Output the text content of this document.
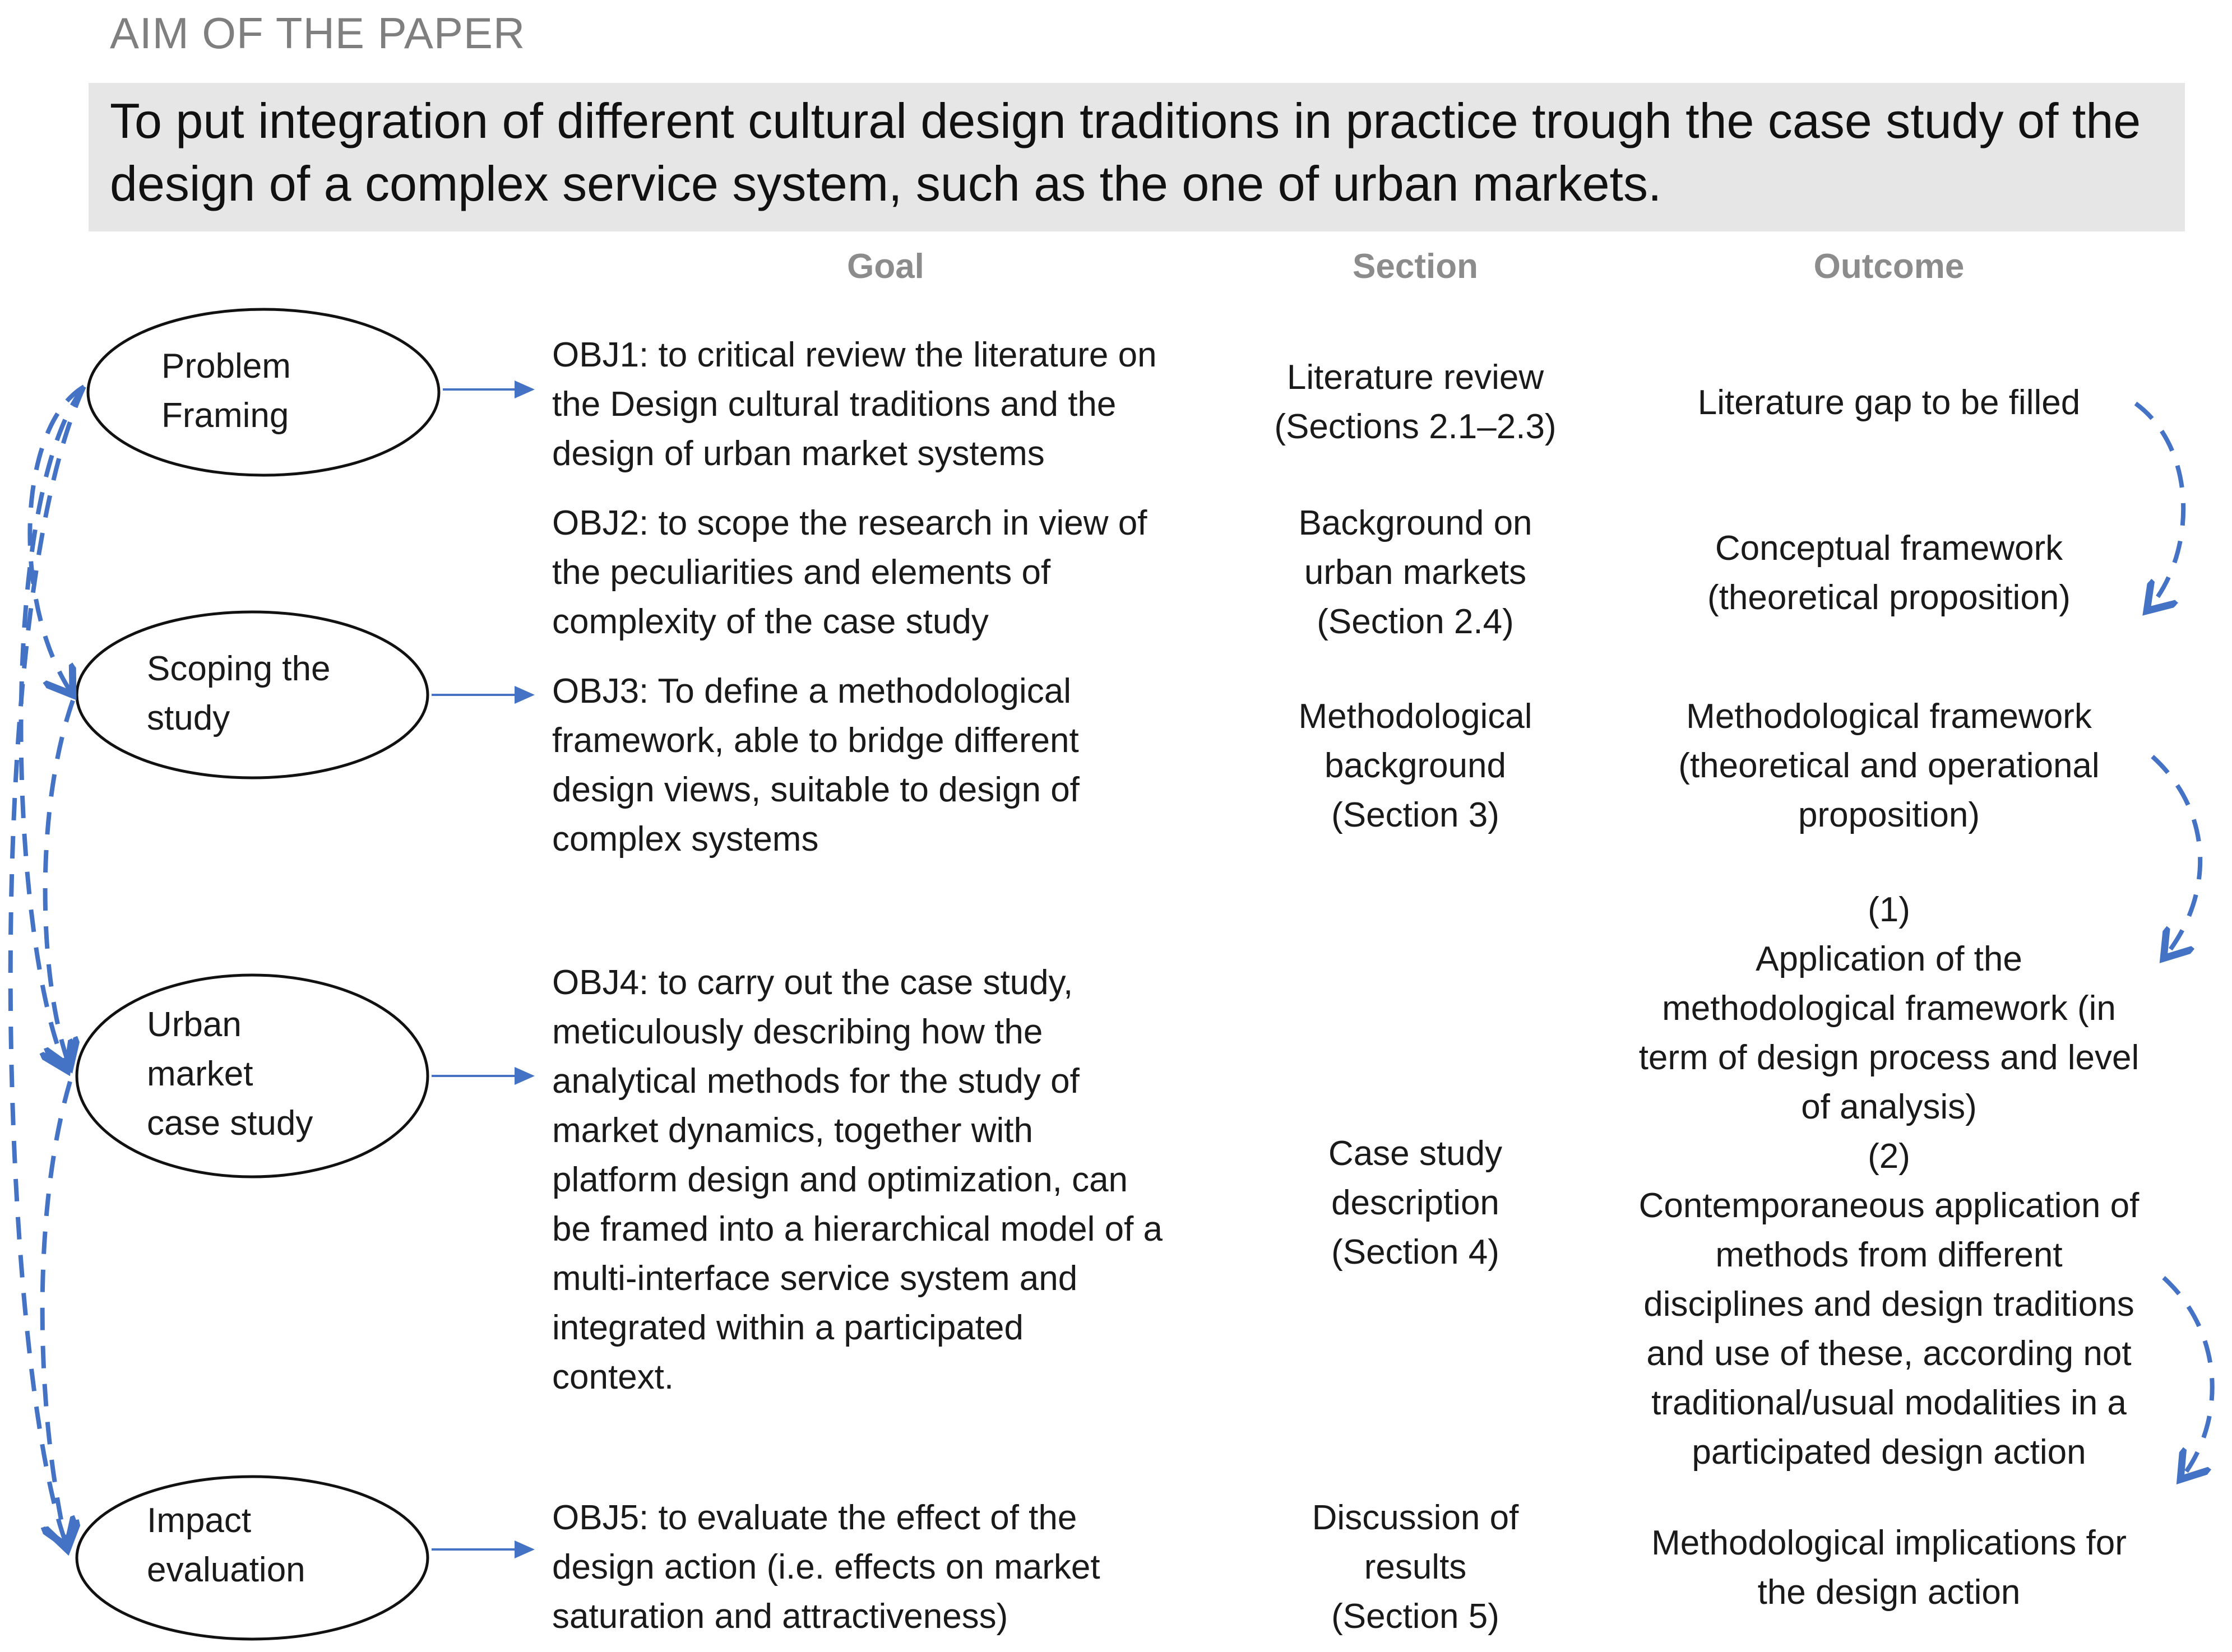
AIM OF THE PAPER
To put integration of different cultural design traditions in practice trough the case study of the design of a complex service system, such as the one of urban markets.
Goal	Section	Outcome
Problem
Framing
Scoping the
study
Urban
market
case study
Impact
evaluation
OBJ1: to critical review the literature on
the Design cultural traditions and the
design of urban market systems
OBJ2: to scope the research in view of
the peculiarities and elements of
complexity of the case study
OBJ3: To define a methodological
framework, able to bridge different
design views, suitable to design of
complex systems
OBJ4: to carry out the case study,
meticulously describing how the
analytical methods for the study of
market dynamics, together with
platform design and optimization, can
be framed into a hierarchical model of a
multi-interface service system and
integrated within a participated
context.
OBJ5: to evaluate the effect of the
design action (i.e. effects on market
saturation and attractiveness)
Literature review
(Sections 2.1–2.3)
Background on
urban markets
(Section 2.4)
Methodological
background
(Section 3)
Case study
description
(Section 4)
Discussion of
results
(Section 5)
Literature gap to be filled
Conceptual framework
(theoretical proposition)
Methodological framework
(theoretical and operational
proposition)
(1)
Application of the
methodological framework (in
term of design process and level
of analysis)
(2)
Contemporaneous application of
methods from different
disciplines and design traditions
and use of these, according not
traditional/usual modalities in a
participated design action
Methodological implications for
the design action
